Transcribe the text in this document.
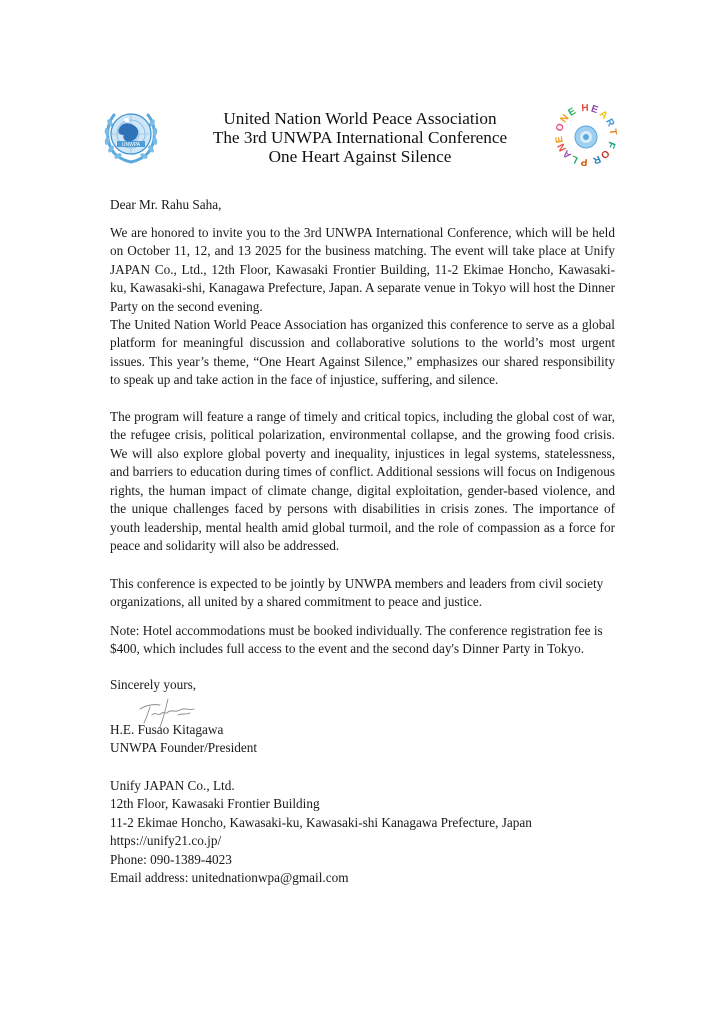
UNWPA
United Nation World Peace Association
The 3rd UNWPA International Conference
One Heart Against Silence
O
N
E H E
A
R
T
F
O
R
P
L
A
N
E
Dear Mr. Rahu Saha,
We are honored to invite you to the 3rd UNWPA International Conference, which will be held on October 11, 12, and 13 2025 for the business matching. The event will take place at Unify JAPAN Co., Ltd., 12th Floor, Kawasaki Frontier Building, 11-2 Ekimae Honcho, Kawasaki-ku, Kawasaki-shi, Kanagawa Prefecture, Japan. A separate venue in Tokyo will host the Dinner Party on the second evening.
The United Nation World Peace Association has organized this conference to serve as a global platform for meaningful discussion and collaborative solutions to the world’s most urgent issues. This year’s theme, “One Heart Against Silence,” emphasizes our shared responsibility to speak up and take action in the face of injustice, suffering, and silence.
The program will feature a range of timely and critical topics, including the global cost of war, the refugee crisis, political polarization, environmental collapse, and the growing food crisis. We will also explore global poverty and inequality, injustices in legal systems, statelessness, and barriers to education during times of conflict. Additional sessions will focus on Indigenous rights, the human impact of climate change, digital exploitation, gender-based violence, and the unique challenges faced by persons with disabilities in crisis zones. The importance of youth leadership, mental health amid global turmoil, and the role of compassion as a force for peace and solidarity will also be addressed.
This conference is expected to be jointly by UNWPA members and leaders from civil society organizations, all united by a shared commitment to peace and justice.
Note: Hotel accommodations must be booked individually. The conference registration fee is $400, which includes full access to the event and the second day's Dinner Party in Tokyo.
Sincerely yours,
H.E. Fusao Kitagawa
UNWPA Founder/President
Unify JAPAN Co., Ltd.
12th Floor, Kawasaki Frontier Building
11-2 Ekimae Honcho, Kawasaki-ku, Kawasaki-shi Kanagawa Prefecture, Japan
https://unify21.co.jp/
Phone: 090-1389-4023
Email address: unitednationwpa@gmail.com
